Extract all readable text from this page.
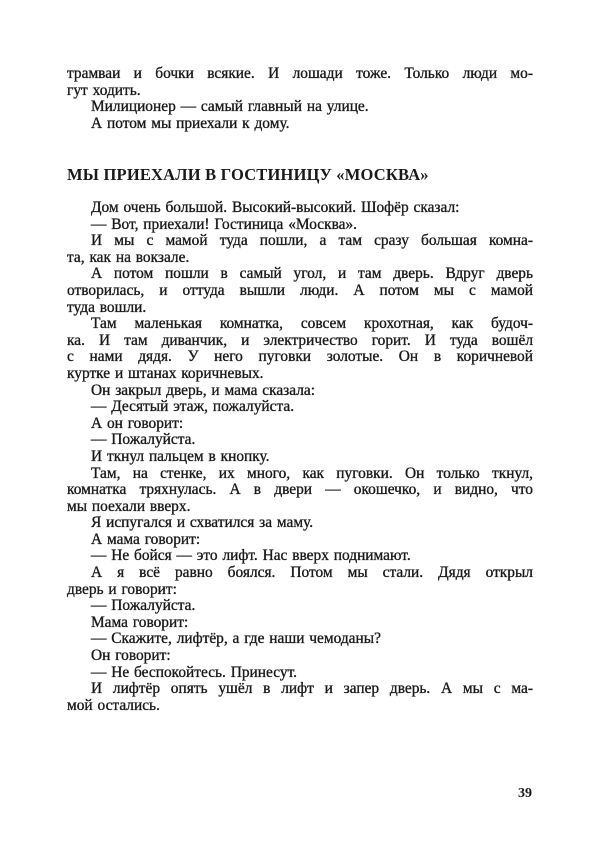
трамваи и бочки всякие. И лошади тоже. Только люди мо-
гут ходить.
Милиционер — самый главный на улице.
А потом мы приехали к дому.
МЫ ПРИЕХАЛИ В ГОСТИНИЦУ «МОСКВА»
Дом очень большой. Высокий-высокий. Шофёр сказал:
— Вот, приехали! Гостиница «Москва».
И мы с мамой туда пошли, а там сразу большая комна-
та, как на вокзале.
А потом пошли в самый угол, и там дверь. Вдруг дверь
отворилась, и оттуда вышли люди. А потом мы с мамой
туда вошли.
Там маленькая комнатка, совсем крохотная, как будоч-
ка. И там диванчик, и электричество горит. И туда вошёл
с нами дядя. У него пуговки золотые. Он в коричневой
куртке и штанах коричневых.
Он закрыл дверь, и мама сказала:
— Десятый этаж, пожалуйста.
А он говорит:
— Пожалуйста.
И ткнул пальцем в кнопку.
Там, на стенке, их много, как пуговки. Он только ткнул,
комнатка тряхнулась. А в двери — окошечко, и видно, что
мы поехали вверх.
Я испугался и схватился за маму.
А мама говорит:
— Не бойся — это лифт. Нас вверх поднимают.
А я всё равно боялся. Потом мы стали. Дядя открыл
дверь и говорит:
— Пожалуйста.
Мама говорит:
— Скажите, лифтёр, а где наши чемоданы?
Он говорит:
— Не беспокойтесь. Принесут.
И лифтёр опять ушёл в лифт и запер дверь. А мы с ма-
мой остались.
39
